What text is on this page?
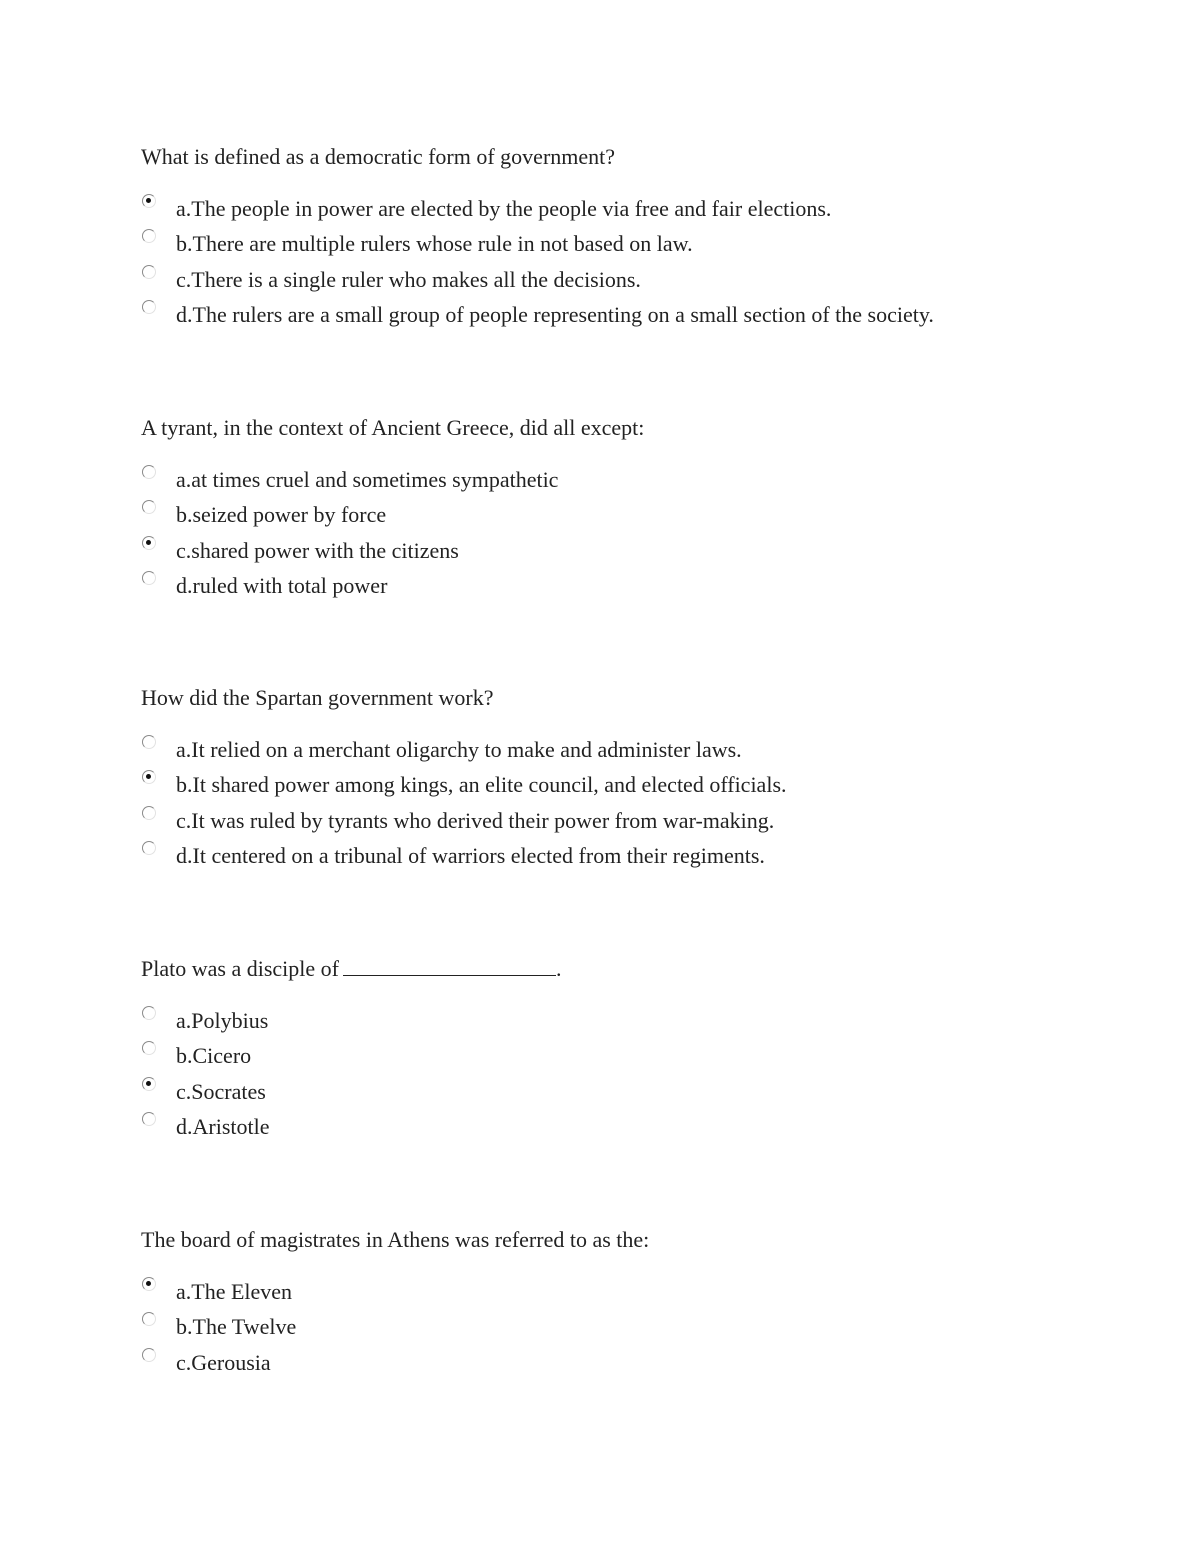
What is defined as a democratic form of government?

a.The people in power are elected by the people via free and fair elections.
b.There are multiple rulers whose rule in not based on law.
c.There is a single ruler who makes all the decisions.
d.The rulers are a small group of people representing on a small section of the society.

A tyrant, in the context of Ancient Greece, did all except:

a.at times cruel and sometimes sympathetic
b.seized power by force
c.shared power with the citizens
d.ruled with total power

How did the Spartan government work?

a.It relied on a merchant oligarchy to make and administer laws.
b.It shared power among kings, an elite council, and elected officials.
c.It was ruled by tyrants who derived their power from war-making.
d.It centered on a tribunal of warriors elected from their regiments.

Plato was a disciple of	.

a.Polybius
b.Cicero
c.Socrates
d.Aristotle

The board of magistrates in Athens was referred to as the:

a.The Eleven
b.The Twelve
c.Gerousia
